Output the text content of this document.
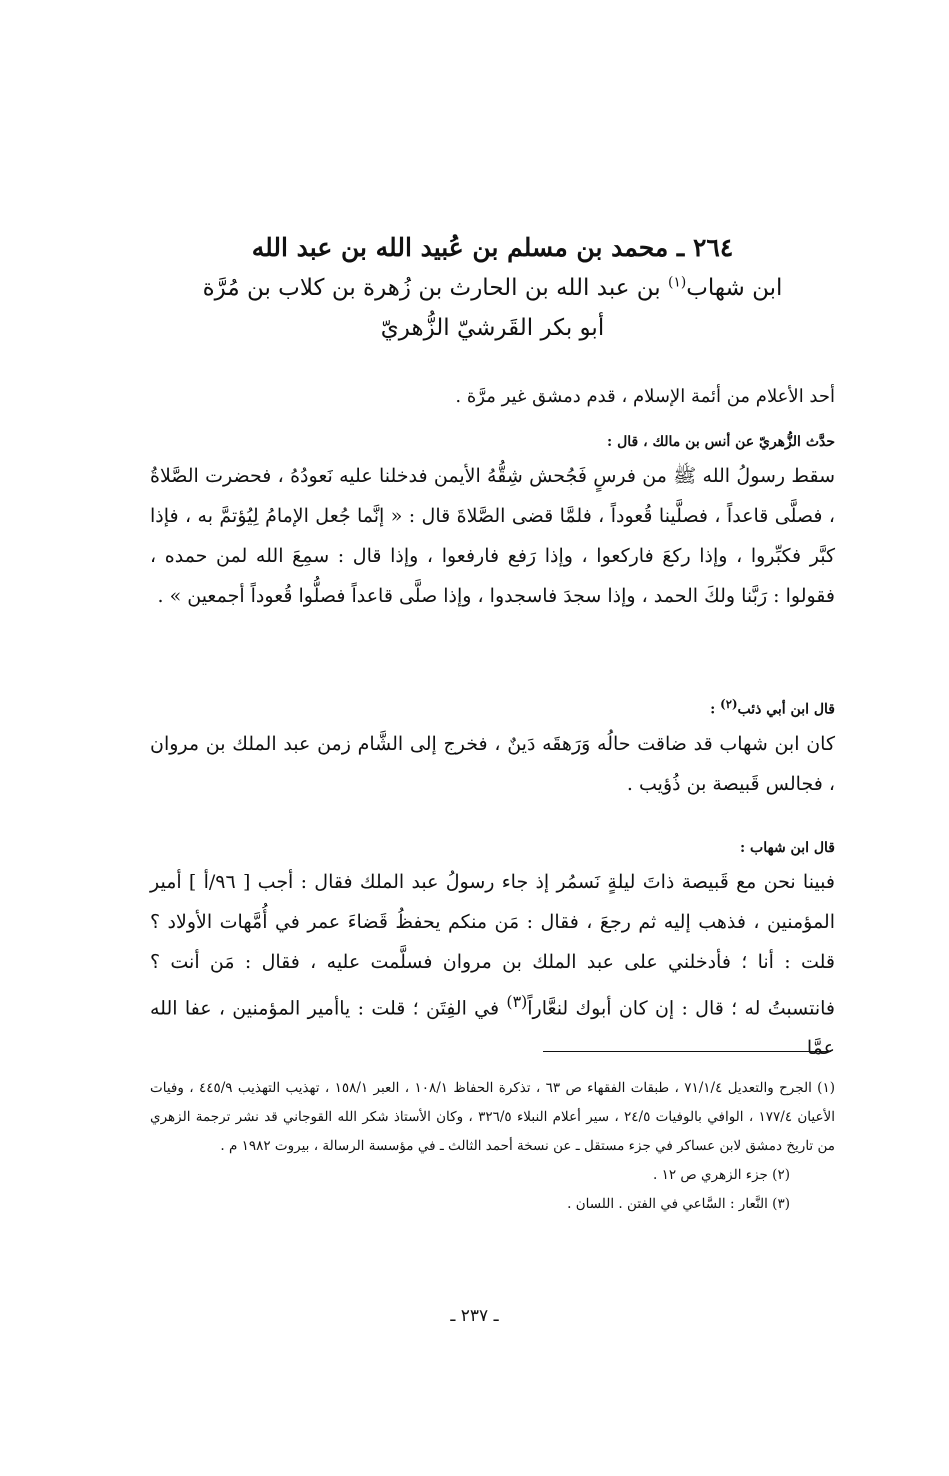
٢٦٤ ـ محمد بن مسلم بن عُبيد الله بن عبد الله
ابن شهاب$^{(١)}$ بن عبد الله بن الحارث بن زُهرة بن كلاب بن مُرَّة
أبو بكر القَرشيّ الزُّهريّ
أحد الأعلام من أئمة الإسلام ، قدم دمشق غير مرَّة .
حدَّث الزُّهريّ عن أنس بن مالك ، قال :
سقط رسولُ الله ﷺ من فرسٍ فَجُحش شِقُّهُ الأيمن فدخلنا عليه نَعودُهُ ، فحضرت الصَّلاةُ ، فصلَّى قاعداً ، فصلَّينا قُعوداً ، فلمَّا قضى الصَّلاةَ قال : « إنَّما جُعل الإمامُ لِيُؤتمَّ به ، فإذا كبَّر فكبِّروا ، وإذا ركعَ فاركعوا ، وإذا رَفع فارفعوا ، وإذا قال : سمِعَ الله لمن حمده ، فقولوا : رَبَّنا ولكَ الحمد ، وإذا سجدَ فاسجدوا ، وإذا صلَّى قاعداً فصلُّوا قُعوداً أجمعين » .
قال ابن أبي ذئب$^{(٢)}$ :
كان ابن شهاب قد ضاقت حالُه وَرَهقَه دَينٌ ، فخرج إلى الشَّام زمن عبد الملك بن مروان ، فجالس قَبيصة بن ذُؤيب .
قال ابن شهاب :
فبينا نحن مع قَبيصة ذاتَ ليلةٍ نَسمُر إذ جاء رسولُ عبد الملك فقال : أجب [ ٩٦/أ ] أمير المؤمنين ، فذهب إليه ثم رجعَ ، فقال : مَن منكم يحفظُ قَضاءَ عمر في أُمَّهات الأولاد ؟ قلت : أنا ؛ فأدخلني على عبد الملك بن مروان فسلَّمت عليه ، فقال : مَن أنت ؟ فانتسبتُ له ؛ قال : إن كان أبوك لنعَّاراً$^{(٣)}$ في الفِتَن ؛ قلت : ياأمير المؤمنين ، عفا الله عمَّا
(١) الجرح والتعديل ٧١/١/٤ ، طبقات الفقهاء ص ٦٣ ، تذكرة الحفاظ ١٠٨/١ ، العبر ١٥٨/١ ، تهذيب التهذيب ٤٤٥/٩ ، وفيات الأعيان ١٧٧/٤ ، الوافي بالوفيات ٢٤/٥ ، سير أعلام النبلاء ٣٢٦/٥ ، وكان الأستاذ شكر الله القوجاني قد نشر ترجمة الزهري من تاريخ دمشق لابن عساكر في جزء مستقل ـ عن نسخة أحمد الثالث ـ في مؤسسة الرسالة ، بيروت ١٩٨٢ م .
(٢) جزء الزهري ص ١٢ .
(٣) النَّعار : السَّاعي في الفتن . اللسان .
ـ ٢٣٧ ـ
